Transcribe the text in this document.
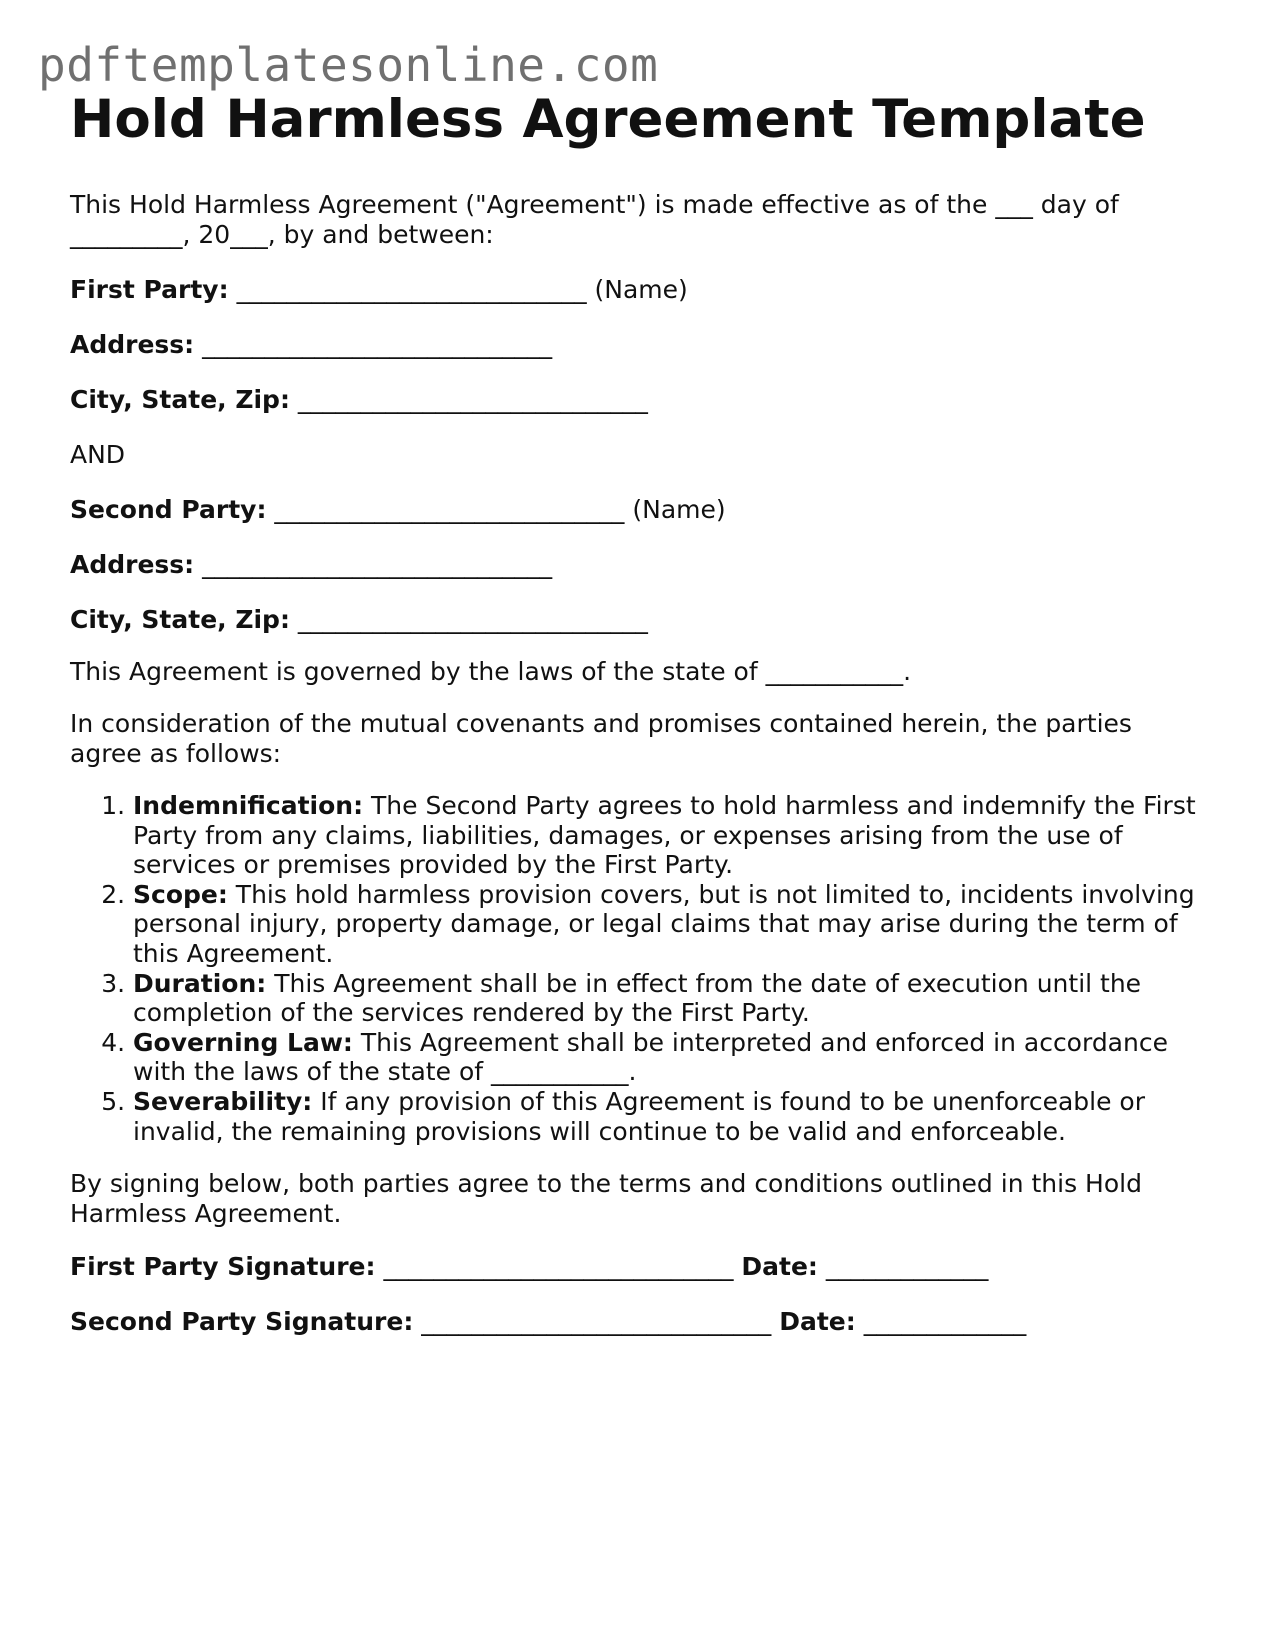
pdftemplatesonline.com
Hold Harmless Agreement Template

This Hold Harmless Agreement ("Agreement") is made effective as of the ___ day of
_________, 20___, by and between:

First Party: ____________________________ (Name)

Address: ____________________________

City, State, Zip: ____________________________

AND

Second Party: ____________________________ (Name)

Address: ____________________________

City, State, Zip: ____________________________

This Agreement is governed by the laws of the state of ___________.

In consideration of the mutual covenants and promises contained herein, the parties agree as follows:

1. Indemnification: The Second Party agrees to hold harmless and indemnify the First Party from any claims, liabilities, damages, or expenses arising from the use of services or premises provided by the First Party.
2. Scope: This hold harmless provision covers, but is not limited to, incidents involving personal injury, property damage, or legal claims that may arise during the term of this Agreement.
3. Duration: This Agreement shall be in effect from the date of execution until the completion of the services rendered by the First Party.
4. Governing Law: This Agreement shall be interpreted and enforced in accordance with the laws of the state of ___________.
5. Severability: If any provision of this Agreement is found to be unenforceable or invalid, the remaining provisions will continue to be valid and enforceable.

By signing below, both parties agree to the terms and conditions outlined in this Hold Harmless Agreement.

First Party Signature: ____________________________ Date: _____________

Second Party Signature: ____________________________ Date: _____________
